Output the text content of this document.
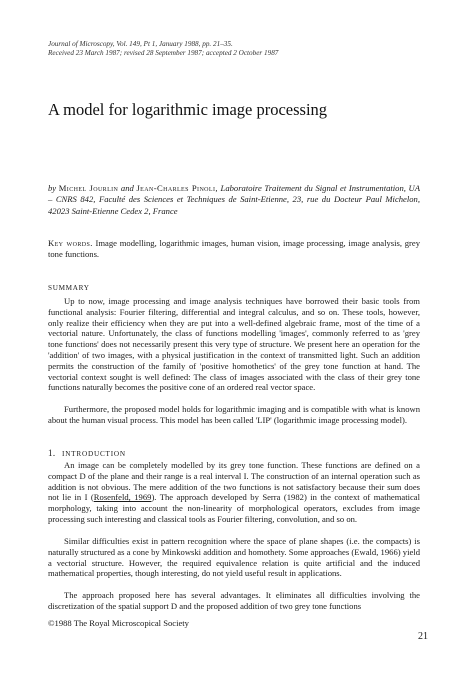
Journal of Microscopy, Vol. 149, Pt 1, January 1988, pp. 21–35.
Received 23 March 1987; revised 28 September 1987; accepted 2 October 1987
A model for logarithmic image processing
by Michel Jourlin and Jean-Charles Pinoli, Laboratoire Traitement du Signal et Instrumentation, UA – CNRS 842, Faculté des Sciences et Techniques de Saint-Etienne, 23, rue du Docteur Paul Michelon, 42023 Saint-Etienne Cedex 2, France
Key words. Image modelling, logarithmic images, human vision, image processing, image analysis, grey tone functions.
SUMMARY

Up to now, image processing and image analysis techniques have borrowed their basic tools from functional analysis: Fourier filtering, differential and integral calculus, and so on. These tools, however, only realize their efficiency when they are put into a well-defined algebraic frame, most of the time of a vectorial nature. Unfortunately, the class of functions modelling 'images', commonly referred to as 'grey tone functions' does not necessarily present this very type of structure. We present here an operation for the 'addition' of two images, with a physical justification in the context of transmitted light. Such an addition permits the construction of the family of 'positive homothetics' of the grey tone function at hand. The vectorial context sought is well defined: The class of images associated with the class of their grey tone functions naturally becomes the positive cone of an ordered real vector space.

Furthermore, the proposed model holds for logarithmic imaging and is compatible with what is known about the human visual process. This model has been called 'LIP' (logarithmic image processing model).

1. INTRODUCTION

An image can be completely modelled by its grey tone function. These functions are defined on a compact D of the plane and their range is a real interval I. The construction of an internal operation such as addition is not obvious. The mere addition of the two functions is not satisfactory because their sum does not lie in I (Rosenfeld, 1969). The approach developed by Serra (1982) in the context of mathematical morphology, taking into account the non-linearity of morphological operators, excludes from image processing such interesting and classical tools as Fourier filtering, convolution, and so on.

Similar difficulties exist in pattern recognition where the space of plane shapes (i.e. the compacts) is naturally structured as a cone by Minkowski addition and homothety. Some approaches (Ewald, 1966) yield a vectorial structure. However, the required equivalence relation is quite artificial and the induced mathematical properties, though interesting, do not yield useful result in applications.

The approach proposed here has several advantages. It eliminates all difficulties involving the discretization of the spatial support D and the proposed addition of two grey tone functions

©1988 The Royal Microscopical Society
21
